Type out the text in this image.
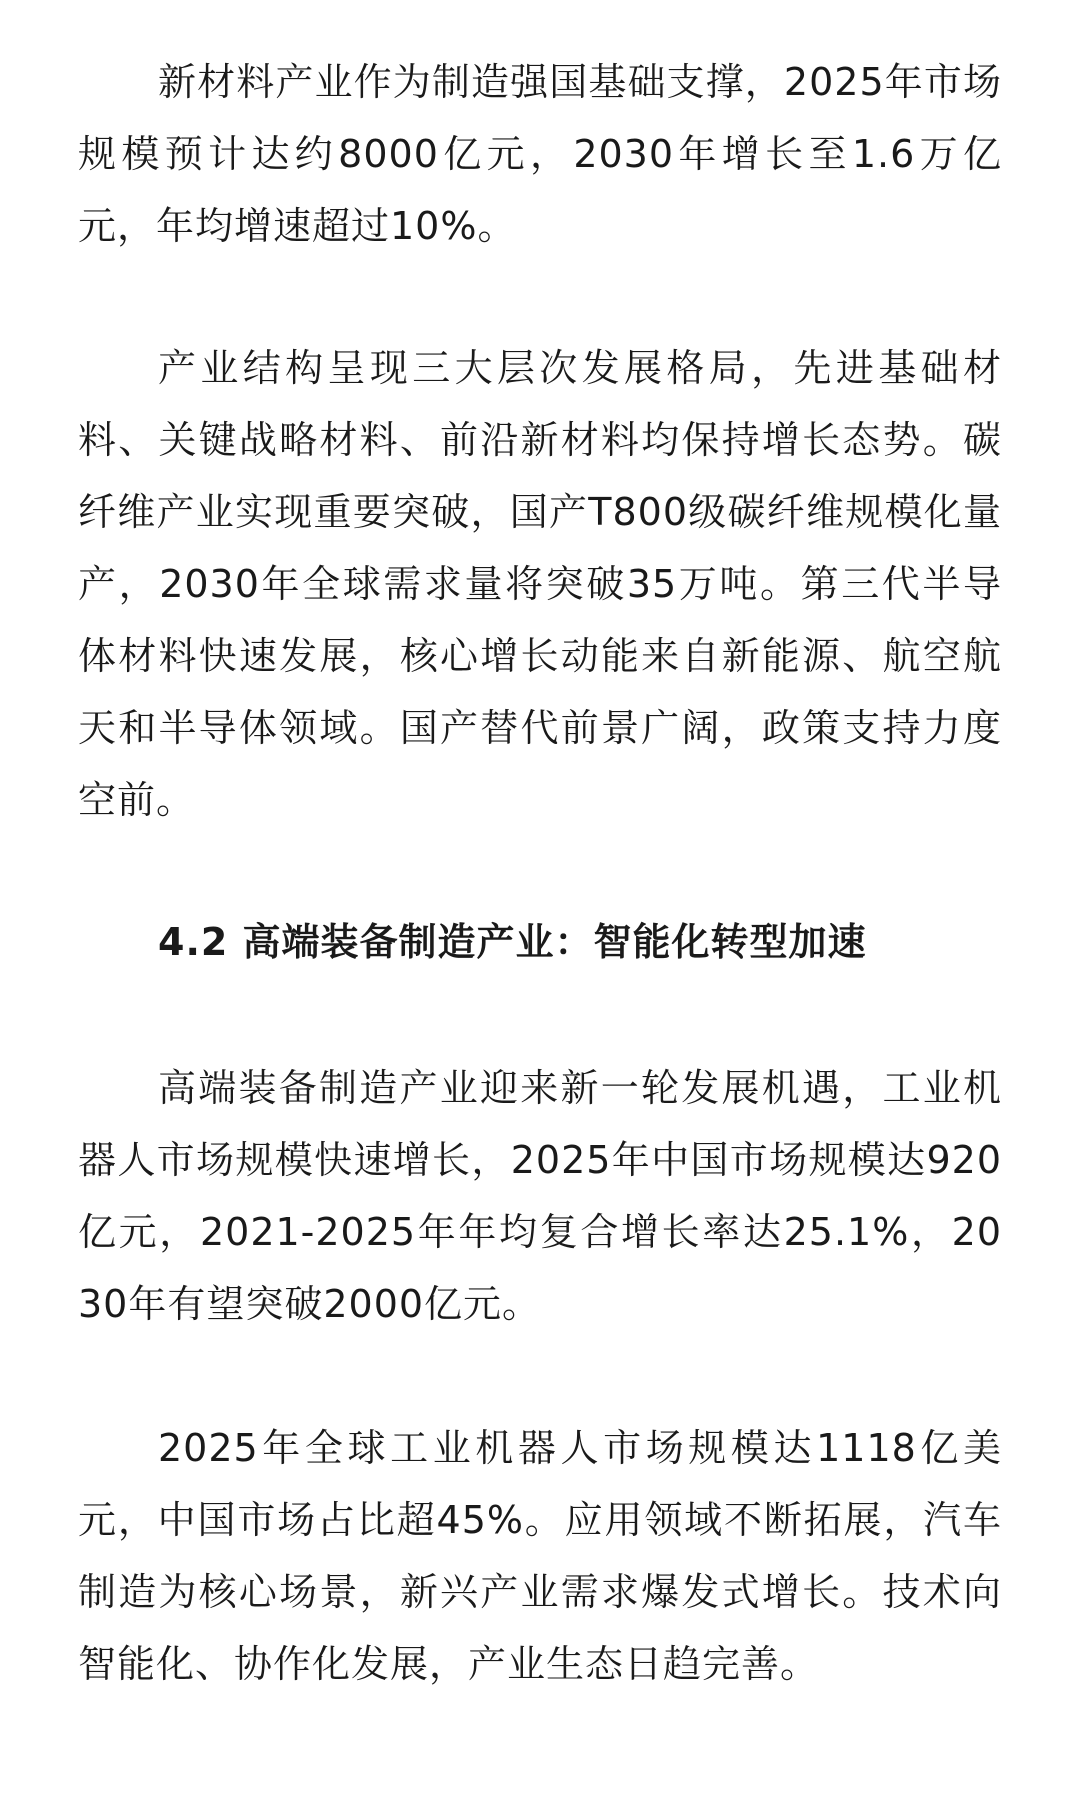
新材料产业作为制造强国基础支撑，2025年市场规模预计达约8000亿元，2030年增长至1.6万亿元，年均增速超过10%。

产业结构呈现三大层次发展格局，先进基础材料、关键战略材料、前沿新材料均保持增长态势。碳纤维产业实现重要突破，国产T800级碳纤维规模化量产，2030年全球需求量将突破35万吨。第三代半导体材料快速发展，核心增长动能来自新能源、航空航天和半导体领域。国产替代前景广阔，政策支持力度空前。

4.2 高端装备制造产业：智能化转型加速

高端装备制造产业迎来新一轮发展机遇，工业机器人市场规模快速增长，2025年中国市场规模达920亿元，2021-2025年年均复合增长率达25.1%，2030年有望突破2000亿元。

2025年全球工业机器人市场规模达1118亿美元，中国市场占比超45%。应用领域不断拓展，汽车制造为核心场景，新兴产业需求爆发式增长。技术向智能化、协作化发展，产业生态日趋完善。
